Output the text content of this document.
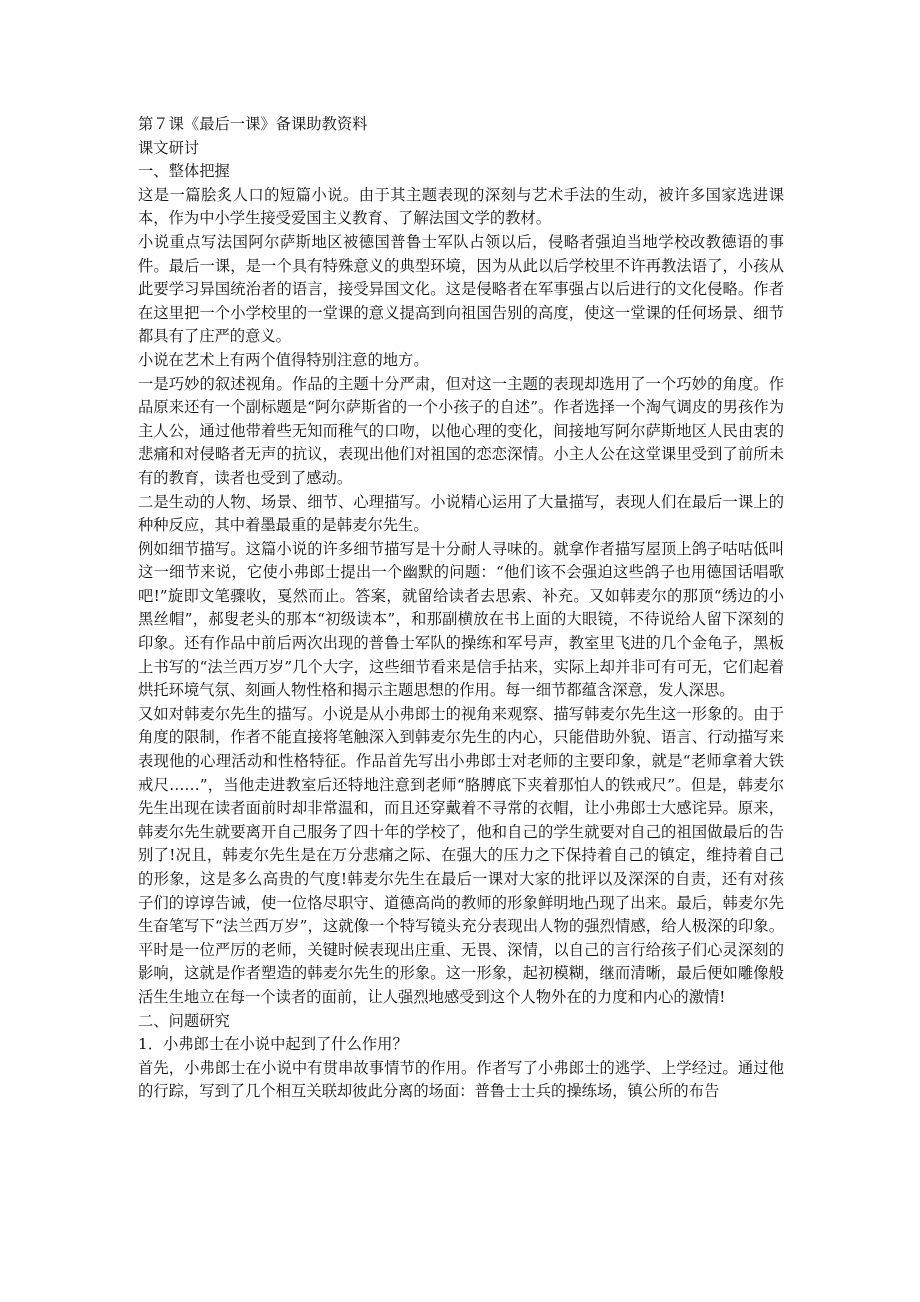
第７课《最后一课》备课助教资料

课文研讨

一、整体把握

这是一篇脍炙人口的短篇小说。由于其主题表现的深刻与艺术手法的生动，被许多国家选进课本，作为中小学生接受爱国主义教育、了解法国文学的教材。

小说重点写法国阿尔萨斯地区被德国普鲁士军队占领以后，侵略者强迫当地学校改教德语的事件。最后一课，是一个具有特殊意义的典型环境，因为从此以后学校里不许再教法语了，小孩从此要学习异国统治者的语言，接受异国文化。这是侵略者在军事强占以后进行的文化侵略。作者在这里把一个小学校里的一堂课的意义提高到向祖国告别的高度，使这一堂课的任何场景、细节都具有了庄严的意义。

小说在艺术上有两个值得特别注意的地方。

一是巧妙的叙述视角。作品的主题十分严肃，但对这一主题的表现却选用了一个巧妙的角度。作品原来还有一个副标题是“阿尔萨斯省的一个小孩子的自述”。作者选择一个淘气调皮的男孩作为主人公，通过他带着些无知而稚气的口吻，以他心理的变化，间接地写阿尔萨斯地区人民由衷的悲痛和对侵略者无声的抗议，表现出他们对祖国的恋恋深情。小主人公在这堂课里受到了前所未有的教育，读者也受到了感动。

二是生动的人物、场景、细节、心理描写。小说精心运用了大量描写，表现人们在最后一课上的种种反应，其中着墨最重的是韩麦尔先生。

例如细节描写。这篇小说的许多细节描写是十分耐人寻味的。就拿作者描写屋顶上鸽子咕咕低叫这一细节来说，它使小弗郎士提出一个幽默的问题：“他们该不会强迫这些鸽子也用德国话唱歌吧!”旋即文笔骤收，戛然而止。答案，就留给读者去思索、补充。又如韩麦尔的那顶“绣边的小黑丝帽”，郝叟老头的那本“初级读本”，和那副横放在书上面的大眼镜，不待说给人留下深刻的印象。还有作品中前后两次出现的普鲁士军队的操练和军号声，教室里飞进的几个金龟子，黑板上书写的“法兰西万岁”几个大字，这些细节看来是信手拈来，实际上却并非可有可无，它们起着烘托环境气氛、刻画人物性格和揭示主题思想的作用。每一细节都蕴含深意，发人深思。

又如对韩麦尔先生的描写。小说是从小弗郎士的视角来观察、描写韩麦尔先生这一形象的。由于角度的限制，作者不能直接将笔触深入到韩麦尔先生的内心，只能借助外貌、语言、行动描写来表现他的心理活动和性格特征。作品首先写出小弗郎士对老师的主要印象，就是“老师拿着大铁戒尺……”，当他走进教室后还特地注意到老师“胳膊底下夹着那怕人的铁戒尺”。但是，韩麦尔先生出现在读者面前时却非常温和，而且还穿戴着不寻常的衣帽，让小弗郎士大感诧异。原来，韩麦尔先生就要离开自己服务了四十年的学校了，他和自己的学生就要对自己的祖国做最后的告别了!况且，韩麦尔先生是在万分悲痛之际、在强大的压力之下保持着自己的镇定，维持着自己的形象，这是多么高贵的气度!韩麦尔先生在最后一课对大家的批评以及深深的自责，还有对孩子们的谆谆告诫，使一位恪尽职守、道德高尚的教师的形象鲜明地凸现了出来。最后，韩麦尔先生奋笔写下“法兰西万岁”，这就像一个特写镜头充分表现出人物的强烈情感，给人极深的印象。平时是一位严厉的老师，关键时候表现出庄重、无畏、深情，以自己的言行给孩子们心灵深刻的影响，这就是作者塑造的韩麦尔先生的形象。这一形象，起初模糊，继而清晰，最后便如雕像般活生生地立在每一个读者的面前，让人强烈地感受到这个人物外在的力度和内心的激情!

二、问题研究

1．小弗郎士在小说中起到了什么作用？

首先，小弗郎士在小说中有贯串故事情节的作用。作者写了小弗郎士的逃学、上学经过。通过他的行踪，写到了几个相互关联却彼此分离的场面：普鲁士士兵的操练场，镇公所的布告
